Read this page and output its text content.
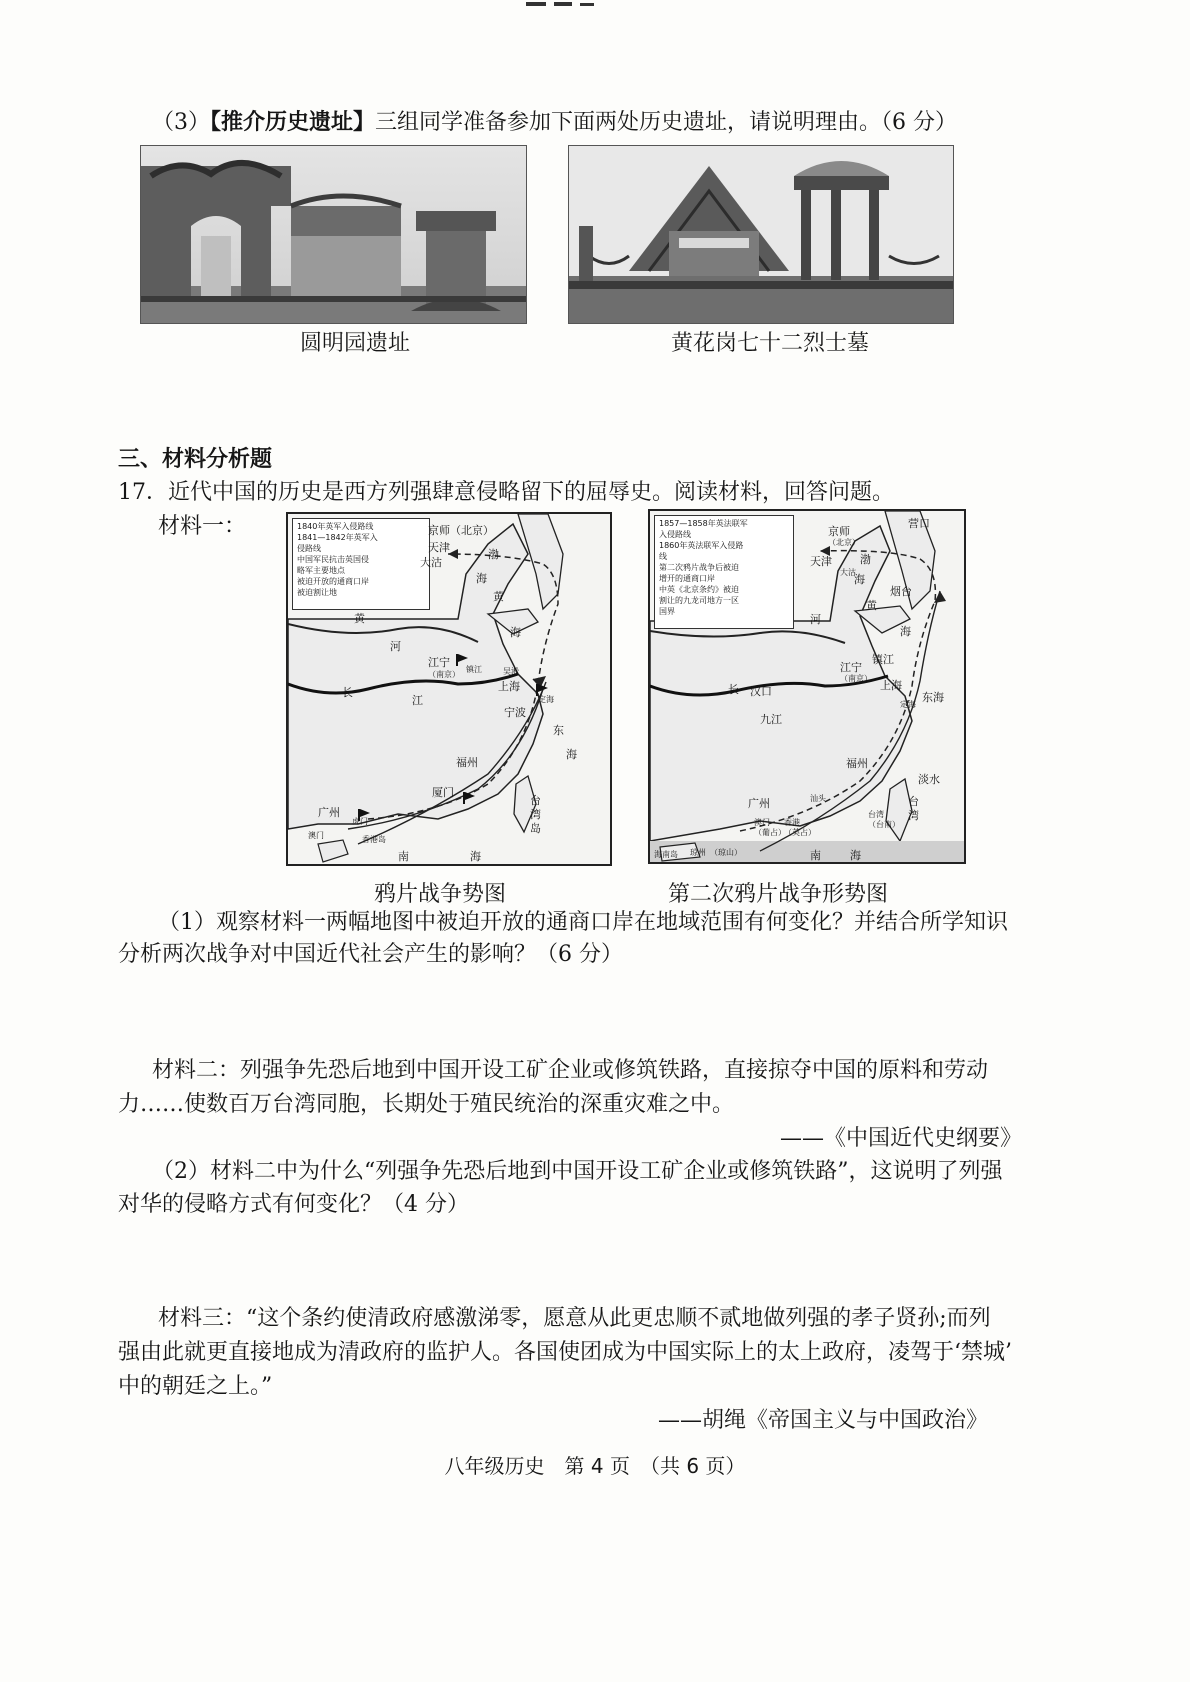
（3）【推介历史遗址】三组同学准备参加下面两处历史遗址，请说明理由。（6 分）
圆明园遗址	黄花岗七十二烈士墓
三、材料分析题
17．近代中国的历史是西方列强肆意侵略留下的屈辱史。阅读材料，回答问题。
材料一：	1840年英军入侵路线
1841—1842年英军入
侵路线
中国军民抗击英国侵
略军主要地点
被迫开放的通商口岸
被迫割让地
京师（北京）
天津
大沽
渤
海
黄
海
黄
河
长
江
江宁
（南京）
镇江	吴淞
上海
定海
宁波
东
海
福州
厦门
台
湾
岛
广州
虎门
澳门	香港岛
南	海
鸦片战争势图
1857—1858年英法联军
入侵路线
1860年英法联军入侵路
线
第二次鸦片战争后被迫
增开的通商口岸
中英《北京条约》被迫
割让的九龙司地方一区
国界
京师
（北京）
天津
大沽
营口
烟台
渤
海
黄
海
河
汉口
长
九江
江宁
（南京）
镇江
上海
定海
东海
福州
淡水
汕头
广州
澳门
（葡占）
香港
（英占）
台湾
（台南）
台
湾
海南岛 琼州 （琼山）	南	海
第二次鸦片战争形势图
（1）观察材料一两幅地图中被迫开放的通商口岸在地域范围有何变化？并结合所学知识
分析两次战争对中国近代社会产生的影响？（6 分）
材料二：列强争先恐后地到中国开设工矿企业或修筑铁路，直接掠夺中国的原料和劳动
力……使数百万台湾同胞，长期处于殖民统治的深重灾难之中。
——《中国近代史纲要》
（2）材料二中为什么“列强争先恐后地到中国开设工矿企业或修筑铁路”，这说明了列强
对华的侵略方式有何变化？（4 分）
材料三：“这个条约使清政府感激涕零，愿意从此更忠顺不贰地做列强的孝子贤孙;而列
强由此就更直接地成为清政府的监护人。各国使团成为中国实际上的太上政府，凌驾于‘禁城’
中的朝廷之上。”
——胡绳《帝国主义与中国政治》
八年级历史　第 4 页　（共 6 页）
